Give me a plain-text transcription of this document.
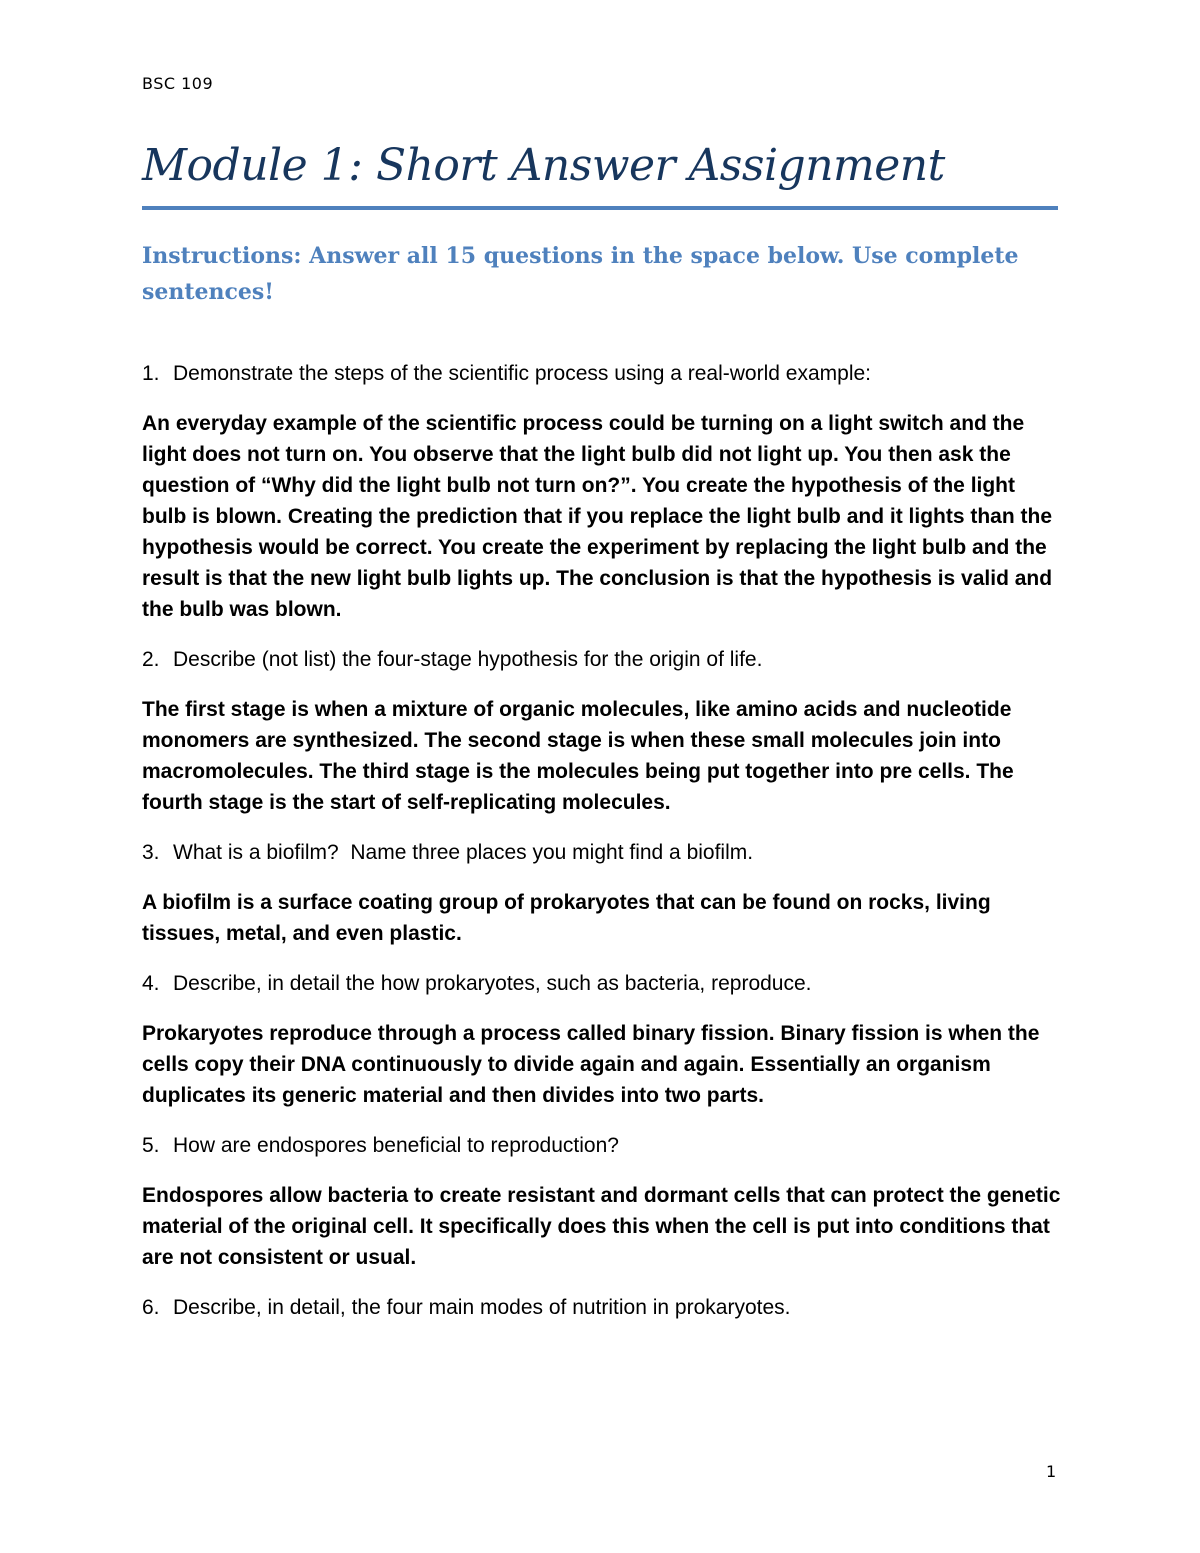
BSC 109
Module 1: Short Answer Assignment
Instructions: Answer all 15 questions in the space below. Use complete sentences!
1. Demonstrate the steps of the scientific process using a real-world example:
An everyday example of the scientific process could be turning on a light switch and the light does not turn on. You observe that the light bulb did not light up. You then ask the question of “Why did the light bulb not turn on?”. You create the hypothesis of the light bulb is blown. Creating the prediction that if you replace the light bulb and it lights than the hypothesis would be correct. You create the experiment by replacing the light bulb and the result is that the new light bulb lights up. The conclusion is that the hypothesis is valid and the bulb was blown.
2. Describe (not list) the four-stage hypothesis for the origin of life.
The first stage is when a mixture of organic molecules, like amino acids and nucleotide monomers are synthesized. The second stage is when these small molecules join into macromolecules. The third stage is the molecules being put together into pre cells. The fourth stage is the start of self-replicating molecules.
3. What is a biofilm?  Name three places you might find a biofilm.
A biofilm is a surface coating group of prokaryotes that can be found on rocks, living tissues, metal, and even plastic.
4. Describe, in detail the how prokaryotes, such as bacteria, reproduce.
Prokaryotes reproduce through a process called binary fission. Binary fission is when the cells copy their DNA continuously to divide again and again. Essentially an organism duplicates its generic material and then divides into two parts.
5. How are endospores beneficial to reproduction?
Endospores allow bacteria to create resistant and dormant cells that can protect the genetic material of the original cell. It specifically does this when the cell is put into conditions that are not consistent or usual.
6. Describe, in detail, the four main modes of nutrition in prokaryotes.
1
